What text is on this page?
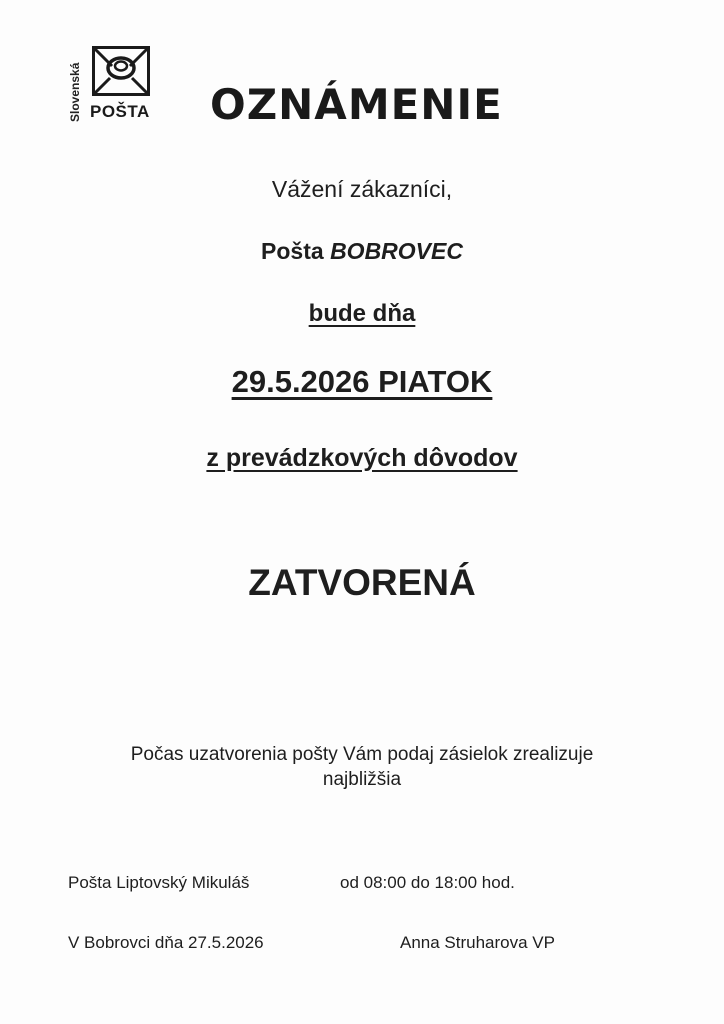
Slovenská POŠTA OZNÁMENIE
Vážení zákazníci,
Pošta BOBROVEC
bude dňa
29.5.2026 PIATOK
z prevádzkových dôvodov
ZATVORENÁ
Počas uzatvorenia pošty Vám podaj zásielok zrealizuje
najbližšia
Pošta Liptovský Mikuláš	od 08:00 do 18:00 hod.
V Bobrovci dňa 27.5.2026	Anna Struharova VP
